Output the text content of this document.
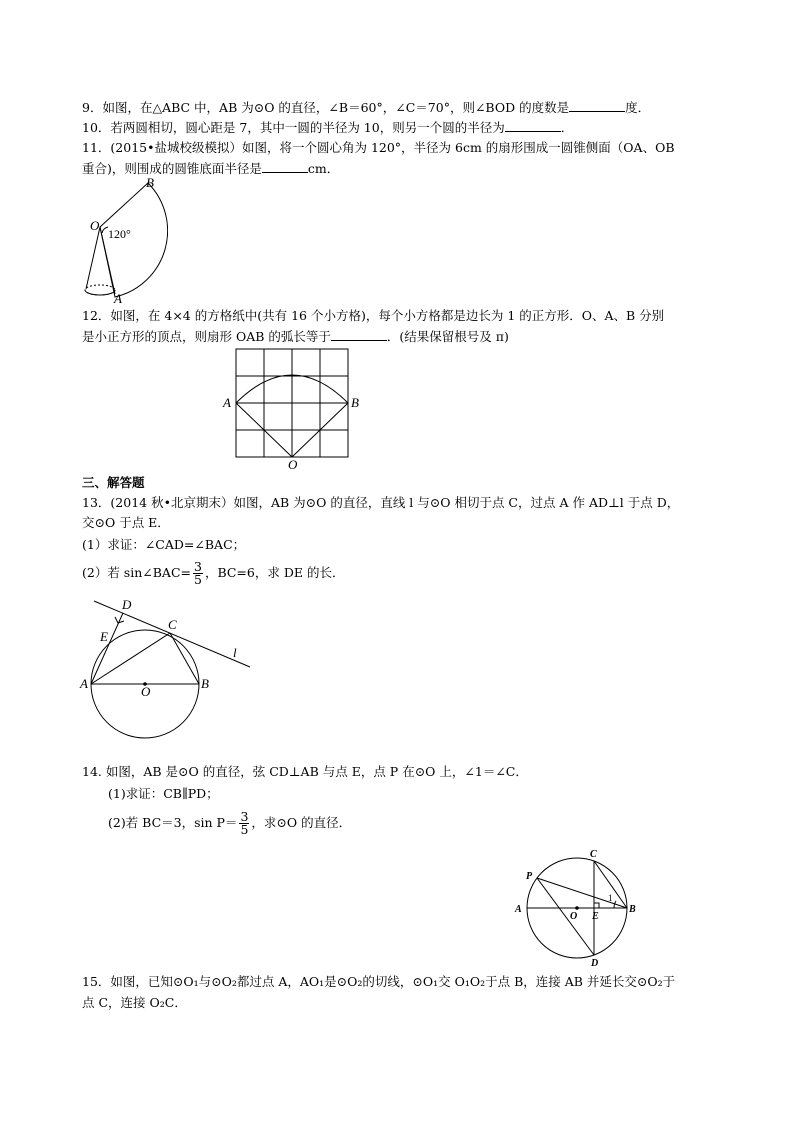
9．如图，在△ABC 中，AB 为⊙O 的直径，∠B＝60°，∠C＝70°，则∠BOD 的度数是	度．
10．若两圆相切，圆心距是 7，其中一圆的半径为 10，则另一个圆的半径为	．
11．(2015•盐城校级模拟）如图，将一个圆心角为 120°，半径为 6cm 的扇形围成一圆锥侧面（OA、OB
重合)，则围成的圆锥底面半径是	cm．
O
B
A
120°
12．如图，在 4×4 的方格纸中(共有 16 个小方格)，每个小方格都是边长为 1 的正方形．O、A、B 分别
是小正方形的顶点，则扇形 OAB 的弧长等于	．(结果保留根号及 π)
A	B
O
三、解答题
13．(2014 秋•北京期末）如图，AB 为⊙O 的直径，直线 l 与⊙O 相切于点 C，过点 A 作 AD⊥l 于点 D，
交⊙O 于点 E．
(1）求证：∠CAD=∠BAC；
(2）若 sin∠BAC= $\frac{3}{5}$ ，BC=6，求 DE 的长．
D
E
C
l
A
O
B
14. 如图，AB 是⊙O 的直径，弦 CD⊥AB 与点 E，点 P 在⊙O 上，∠1＝∠C．
(1)求证：CB∥PD；
(2)若 BC＝3，$\sin P= \frac{3}{5}$ ，求⊙O 的直径．
C
P
A
O E
B
D
1
15．如图，已知⊙O₁与⊙O₂都过点 A，AO₁是⊙O₂的切线，⊙O₁交 O₁O₂于点 B，连接 AB 并延长交⊙O₂于
点 C，连接 O₂C．
